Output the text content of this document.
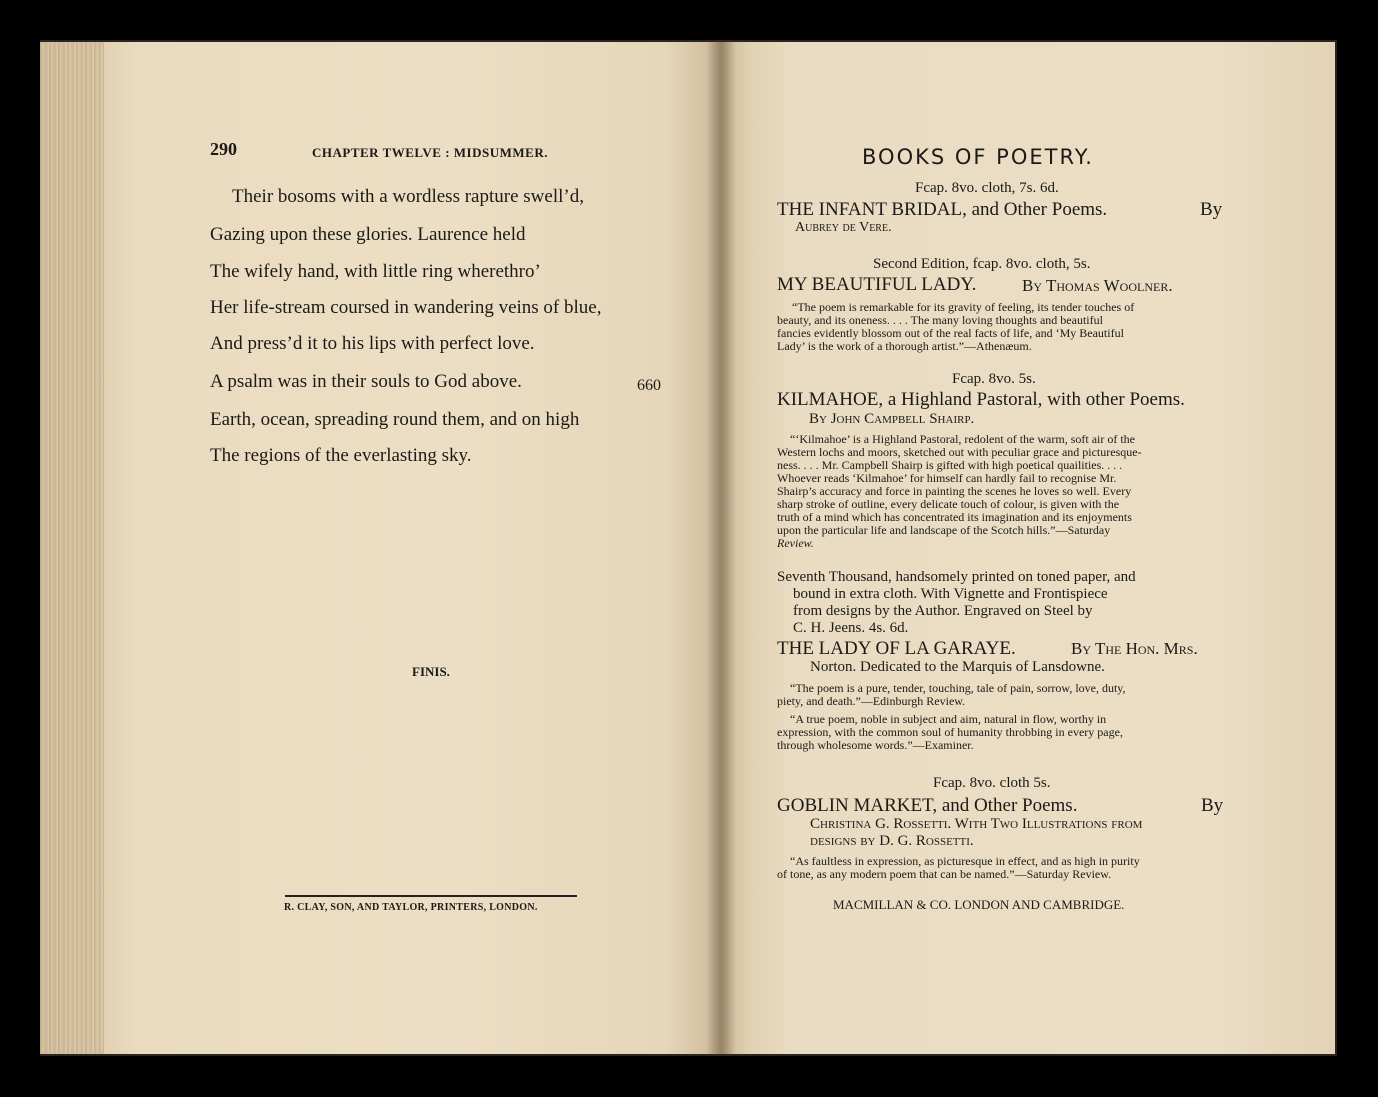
290	CHAPTER TWELVE : MIDSUMMER.
Their bosoms with a wordless rapture swell’d,
Gazing upon these glories. Laurence held
The wifely hand, with little ring wherethro’
Her life-stream coursed in wandering veins of blue,
And press’d it to his lips with perfect love.
A psalm was in their souls to God above.	660
Earth, ocean, spreading round them, and on high
The regions of the everlasting sky.
FINIS.
R. CLAY, SON, AND TAYLOR, PRINTERS, LONDON.
BOOKS OF POETRY.
Fcap. 8vo. cloth, 7s. 6d.
THE INFANT BRIDAL, and Other Poems.	By
Aubrey de Vere.
Second Edition, fcap. 8vo. cloth, 5s.
MY BEAUTIFUL LADY.	By Thomas Woolner.
“The poem is remarkable for its gravity of feeling, its tender touches of
beauty, and its oneness. . . . The many loving thoughts and beautiful
fancies evidently blossom out of the real facts of life, and ‘My Beautiful
Lady’ is the work of a thorough artist.”—Athenæum.
Fcap. 8vo. 5s.
KILMAHOE, a Highland Pastoral, with other Poems.
By John Campbell Shairp.
“‘Kilmahoe’ is a Highland Pastoral, redolent of the warm, soft air of the
Western lochs and moors, sketched out with peculiar grace and picturesque-
ness. . . . Mr. Campbell Shairp is gifted with high poetical quailities. . . .
Whoever reads ‘Kilmahoe’ for himself can hardly fail to recognise Mr.
Shairp’s accuracy and force in painting the scenes he loves so well. Every
sharp stroke of outline, every delicate touch of colour, is given with the
truth of a mind which has concentrated its imagination and its enjoyments
upon the particular life and landscape of the Scotch hills.”—Saturday
Review.
Seventh Thousand, handsomely printed on toned paper, and
bound in extra cloth. With Vignette and Frontispiece
from designs by the Author. Engraved on Steel by
C. H. Jeens. 4s. 6d.
THE LADY OF LA GARAYE.	By The Hon. Mrs.
Norton. Dedicated to the Marquis of Lansdowne.
“The poem is a pure, tender, touching, tale of pain, sorrow, love, duty,
piety, and death.”—Edinburgh Review.
“A true poem, noble in subject and aim, natural in flow, worthy in
expression, with the common soul of humanity throbbing in every page,
through wholesome words.”—Examiner.
Fcap. 8vo. cloth 5s.
GOBLIN MARKET, and Other Poems.	By
Christina G. Rossetti. With Two Illustrations from
designs by D. G. Rossetti.
“As faultless in expression, as picturesque in effect, and as high in purity
of tone, as any modern poem that can be named.”—Saturday Review.
MACMILLAN & CO. LONDON AND CAMBRIDGE.
